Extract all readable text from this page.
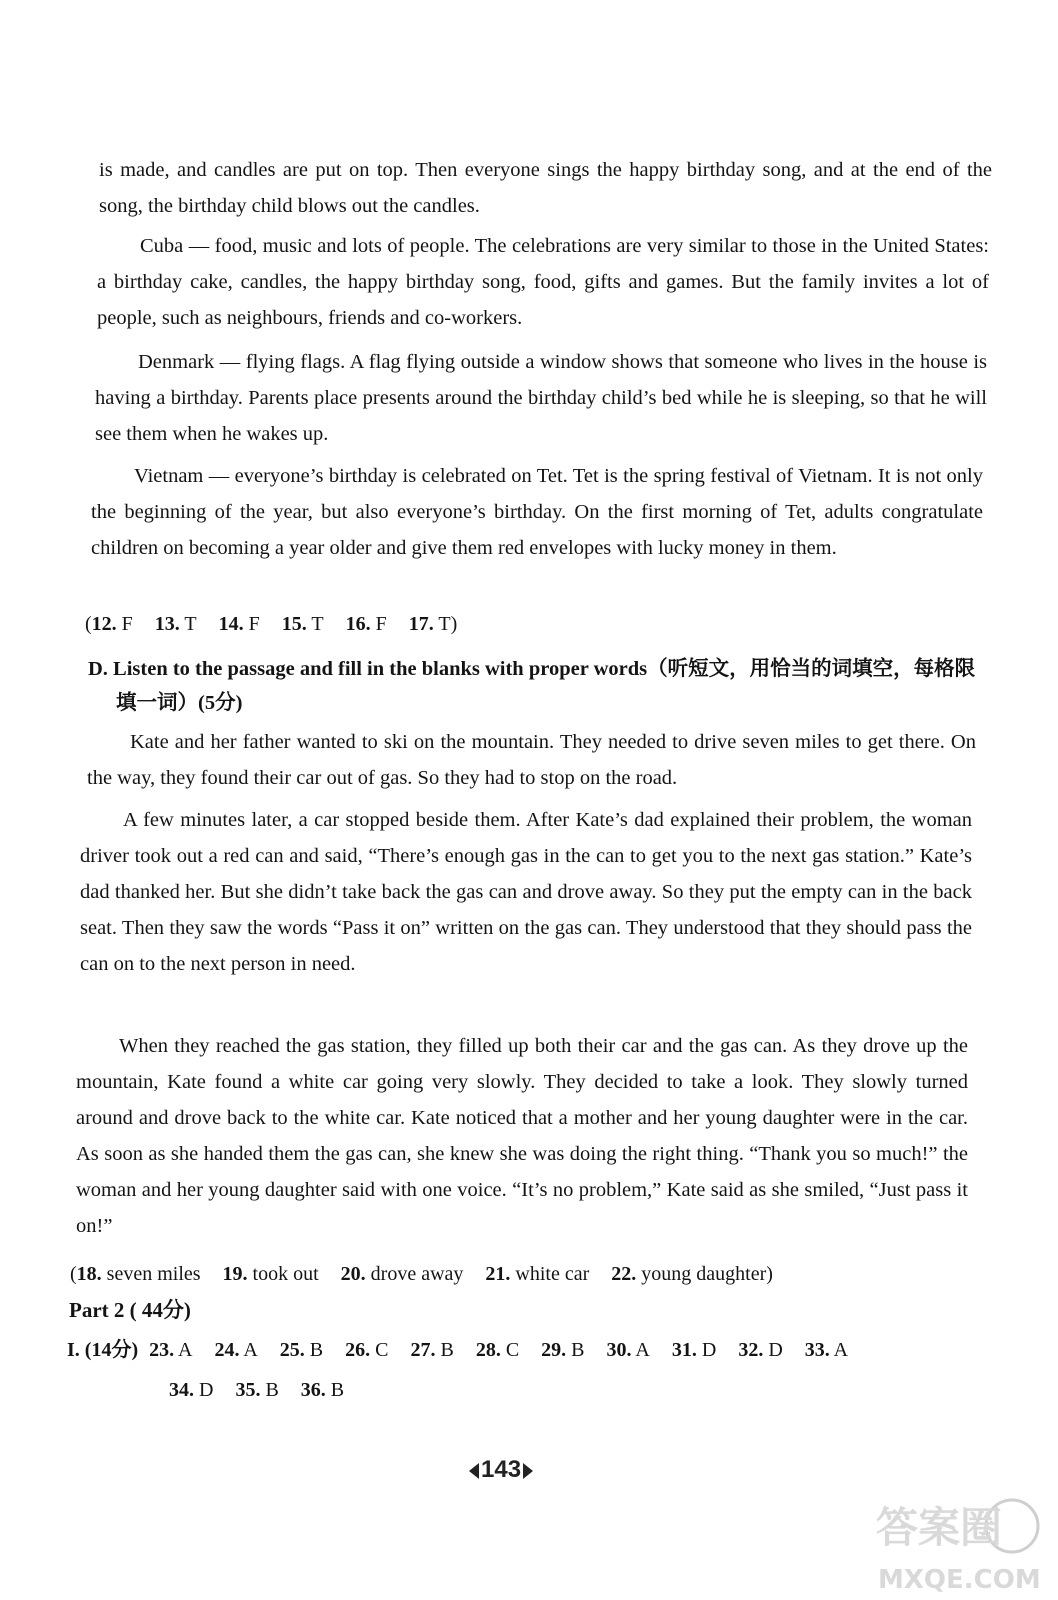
is made, and candles are put on top. Then everyone sings the happy birthday song, and at the end of the song, the birthday child blows out the candles.

Cuba — food, music and lots of people. The celebrations are very similar to those in the United States: a birthday cake, candles, the happy birthday song, food, gifts and games. But the family invites a lot of people, such as neighbours, friends and co-workers.

Denmark — flying flags. A flag flying outside a window shows that someone who lives in the house is having a birthday. Parents place presents around the birthday child’s bed while he is sleeping, so that he will see them when he wakes up.

Vietnam — everyone’s birthday is celebrated on Tet. Tet is the spring festival of Vietnam. It is not only the beginning of the year, but also everyone’s birthday. On the first morning of Tet, adults congratulate children on becoming a year older and give them red envelopes with lucky money in them.

(12. F 13. T 14. F 15. T 16. F 17. T)

D. Listen to the passage and fill in the blanks with proper words（听短文，用恰当的词填空，每格限填一词）(5分)

Kate and her father wanted to ski on the mountain. They needed to drive seven miles to get there. On the way, they found their car out of gas. So they had to stop on the road.

A few minutes later, a car stopped beside them. After Kate’s dad explained their problem, the woman driver took out a red can and said, “There’s enough gas in the can to get you to the next gas station.” Kate’s dad thanked her. But she didn’t take back the gas can and drove away. So they put the empty can in the back seat. Then they saw the words “Pass it on” written on the gas can. They understood that they should pass the can on to the next person in need.

When they reached the gas station, they filled up both their car and the gas can. As they drove up the mountain, Kate found a white car going very slowly. They decided to take a look. They slowly turned around and drove back to the white car. Kate noticed that a mother and her young daughter were in the car. As soon as she handed them the gas can, she knew she was doing the right thing. “Thank you so much!” the woman and her young daughter said with one voice. “It’s no problem,” Kate said as she smiled, “Just pass it on!”

(18. seven miles 19. took out 20. drove away 21. white car 22. young daughter)

Part 2 ( 44分)

I. (14分) 23. A 24. A 25. B 26. C 27. B 28. C 29. B 30. A 31. D 32. D 33. A

34. D 35. B 36. B

143
答案圈
MXQE.COM
